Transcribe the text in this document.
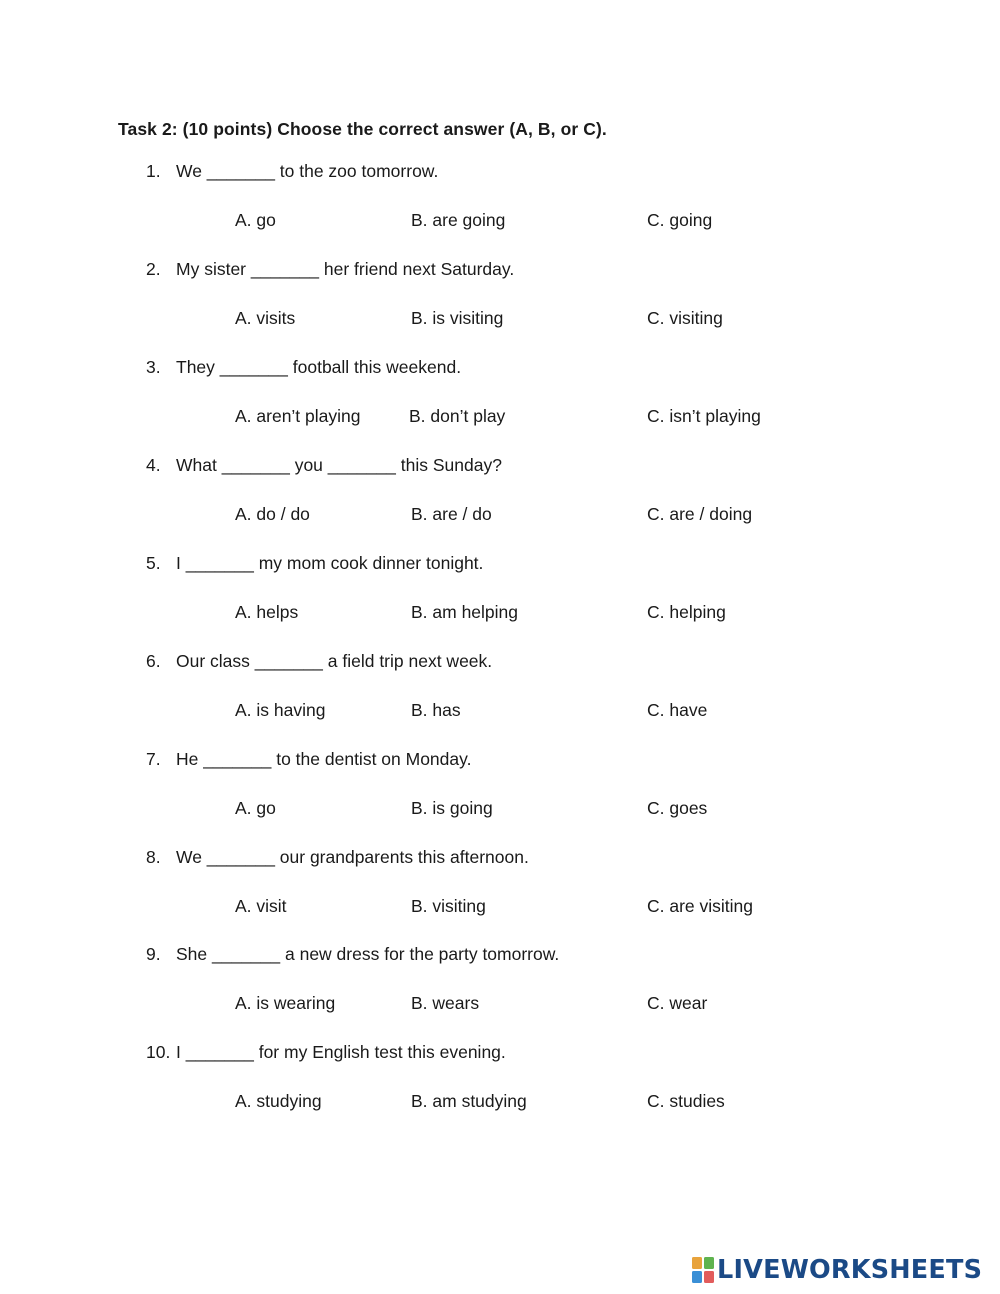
Task 2: (10 points) Choose the correct answer (A, B, or C).
1. We _______ to the zoo tomorrow.
A. go	B. are going	C. going
2. My sister _______ her friend next Saturday.
A. visits	B. is visiting	C. visiting
3. They _______ football this weekend.
A. aren’t playing	B. don’t play	C. isn’t playing
4. What _______ you _______ this Sunday?
A. do / do	B. are / do	C. are / doing
5. I _______ my mom cook dinner tonight.
A. helps	B. am helping	C. helping
6. Our class _______ a field trip next week.
A. is having	B. has	C. have
7. He _______ to the dentist on Monday.
A. go	B. is going	C. goes
8. We _______ our grandparents this afternoon.
A. visit	B. visiting	C. are visiting
9. She _______ a new dress for the party tomorrow.
A. is wearing	B. wears	C. wear
10. I _______ for my English test this evening.
A. studying	B. am studying	C. studies
LIVEWORKSHEETS
